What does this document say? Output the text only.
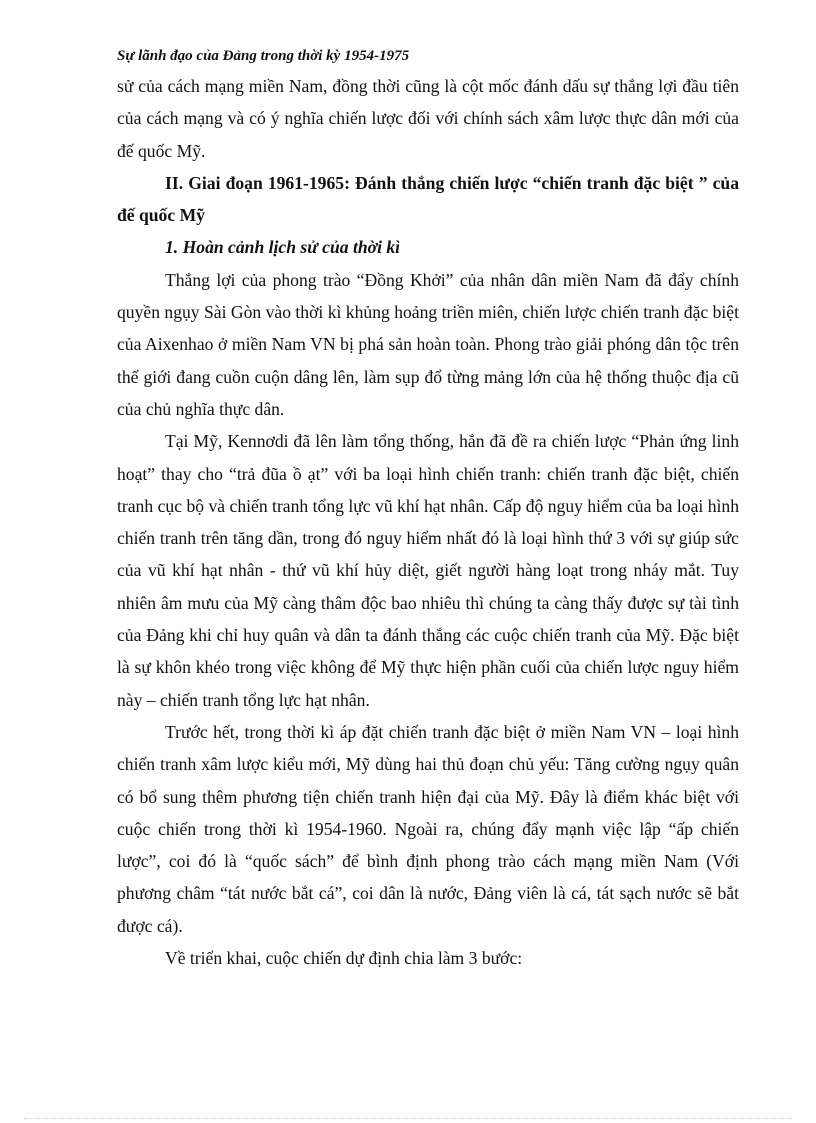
Sự lãnh đạo của Đảng trong thời kỳ 1954-1975

sử của cách mạng miền Nam, đồng thời cũng là cột mốc đánh dấu sự thắng lợi đầu tiên của cách mạng và có ý nghĩa chiến lược đối với chính sách xâm lược thực dân mới của đế quốc Mỹ.

II. Giai đoạn 1961-1965: Đánh thắng chiến lược “chiến tranh đặc biệt ” của đế quốc Mỹ
1. Hoàn cảnh lịch sử của thời kì

Thắng lợi của phong trào “Đồng Khởi” của nhân dân miền Nam đã đẩy chính quyền ngụy Sài Gòn vào thời kì khủng hoảng triền miên, chiến lược chiến tranh đặc biệt của Aixenhao ở miền Nam VN bị phá sản hoàn toàn. Phong trào giải phóng dân tộc trên thế giới đang cuồn cuộn dâng lên, làm sụp đổ từng mảng lớn của hệ thống thuộc địa cũ của chủ nghĩa thực dân.

Tại Mỹ, Kennơdi đã lên làm tổng thống, hắn đã đề ra chiến lược “Phản ứng linh hoạt” thay cho “trả đũa ồ ạt” với ba loại hình chiến tranh: chiến tranh đặc biệt, chiến tranh cục bộ và chiến tranh tổng lực vũ khí hạt nhân. Cấp độ nguy hiểm của ba loại hình chiến tranh trên tăng dần, trong đó nguy hiểm nhất đó là loại hình thứ 3 với sự giúp sức của vũ khí hạt nhân - thứ vũ khí hủy diệt, giết người hàng loạt trong nháy mắt. Tuy nhiên âm mưu của Mỹ càng thâm độc bao nhiêu thì chúng ta càng thấy được sự tài tình của Đảng khi chỉ huy quân và dân ta đánh thắng các cuộc chiến tranh của Mỹ. Đặc biệt là sự khôn khéo trong việc không để Mỹ thực hiện phần cuối của chiến lược nguy hiểm này – chiến tranh tổng lực hạt nhân.

Trước hết, trong thời kì áp đặt chiến tranh đặc biệt ở miền Nam VN – loại hình chiến tranh xâm lược kiểu mới, Mỹ dùng hai thủ đoạn chủ yếu: Tăng cường ngụy quân có bổ sung thêm phương tiện chiến tranh hiện đại của Mỹ. Đây là điểm khác biệt với cuộc chiến trong thời kì 1954-1960. Ngoài ra, chúng đẩy mạnh việc lập “ấp chiến lược”, coi đó là “quốc sách” để bình định phong trào cách mạng miền Nam (Với phương châm “tát nước bắt cá”, coi dân là nước, Đảng viên là cá, tát sạch nước sẽ bắt được cá).

Về triển khai, cuộc chiến dự định chia làm 3 bước:
